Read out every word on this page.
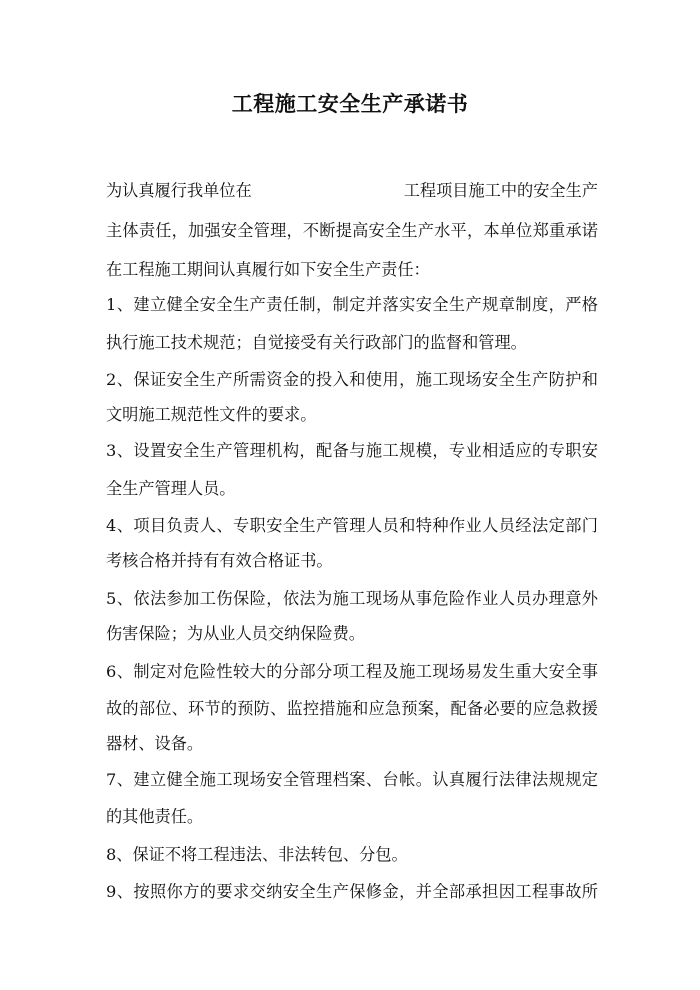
工程施工安全生产承诺书
为认真履行我单位在	工程项目施工中的安全生产
主体责任，加强安全管理，不断提高安全生产水平，本单位郑重承诺
在工程施工期间认真履行如下安全生产责任：
1、建立健全安全生产责任制，制定并落实安全生产规章制度，严格
执行施工技术规范；自觉接受有关行政部门的监督和管理。
2、保证安全生产所需资金的投入和使用，施工现场安全生产防护和
文明施工规范性文件的要求。
3、设置安全生产管理机构，配备与施工规模，专业相适应的专职安
全生产管理人员。
4、项目负责人、专职安全生产管理人员和特种作业人员经法定部门
考核合格并持有有效合格证书。
5、依法参加工伤保险，依法为施工现场从事危险作业人员办理意外
伤害保险；为从业人员交纳保险费。
6、制定对危险性较大的分部分项工程及施工现场易发生重大安全事
故的部位、环节的预防、监控措施和应急预案，配备必要的应急救援
器材、设备。
7、建立健全施工现场安全管理档案、台帐。认真履行法律法规规定
的其他责任。
8、保证不将工程违法、非法转包、分包。
9、按照你方的要求交纳安全生产保修金，并全部承担因工程事故所
